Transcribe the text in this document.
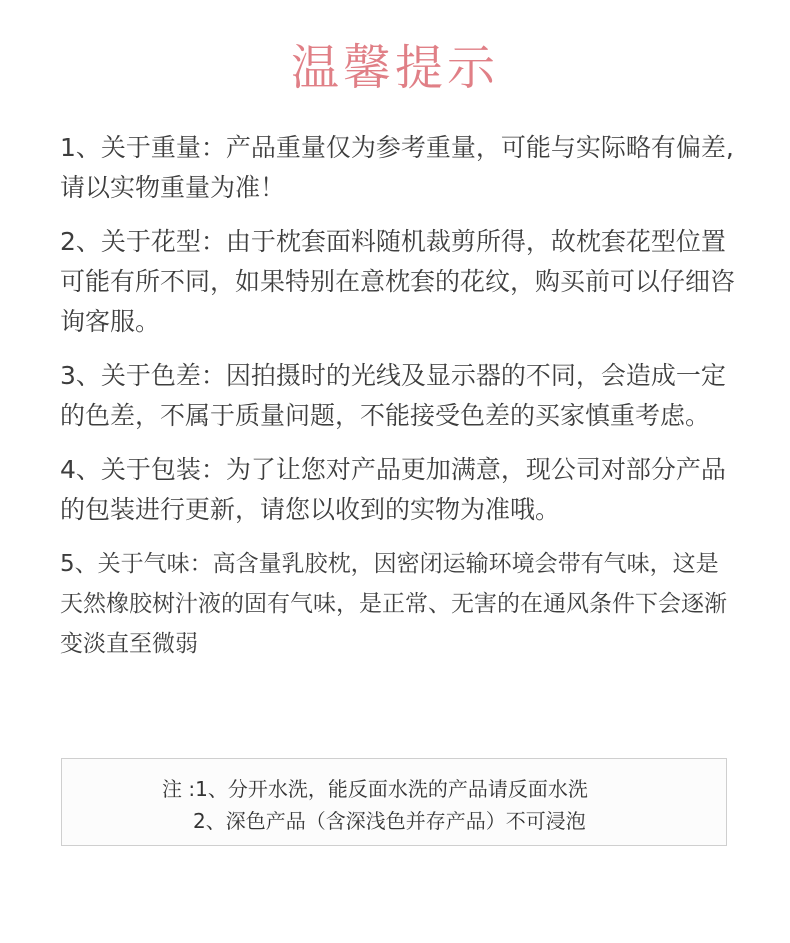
温馨提示

1、关于重量：产品重量仅为参考重量，可能与实际略有偏差,请以实物重量为准！

2、关于花型：由于枕套面料随机裁剪所得，故枕套花型位置可能有所不同，如果特别在意枕套的花纹，购买前可以仔细咨询客服。

3、关于色差：因拍摄时的光线及显示器的不同，会造成一定的色差，不属于质量问题，不能接受色差的买家慎重考虑。

4、关于包装：为了让您对产品更加满意，现公司对部分产品的包装进行更新，请您以收到的实物为准哦。

5、关于气味：高含量乳胶枕，因密闭运输环境会带有气味，这是天然橡胶树汁液的固有气味，是正常、无害的在通风条件下会逐渐变淡直至微弱

注 :1、分开水洗，能反面水洗的产品请反面水洗
2、深色产品（含深浅色并存产品）不可浸泡
